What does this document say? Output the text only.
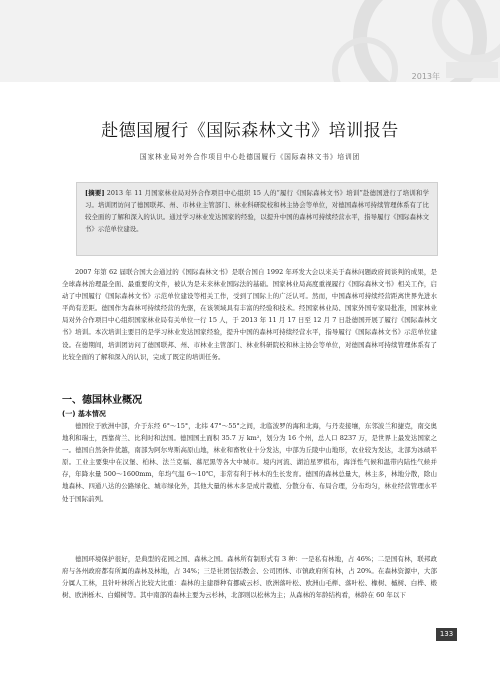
2013年
赴德国履行《国际森林文书》培训报告
国家林业局对外合作项目中心赴德国履行《国际森林文书》培训团
[摘要] 2013 年 11 月国家林业局对外合作项目中心组织 15 人的“履行《国际森林文书》培训”赴德国进行了培训和学习。培训团访问了德国联邦、州、市林业主管部门、林业科研院校和林主协会等单位，对德国森林可持续管理体系有了比较全面的了解和深入的认识。通过学习林业发达国家的经验，以提升中国的森林可持续经营水平，指导履行《国际森林文书》示范单位建设。

2007 年第 62 届联合国大会通过的《国际森林文书》是联合国自 1992 年环发大会以来关于森林问题政府间谈判的成果，是全球森林治理最全面、最重要的文件，被认为是未来林业国际法的基础。国家林业局高度重视履行《国际森林文书》相关工作，启动了中国履行《国际森林文书》示范单位建设等相关工作，受到了国际上的广泛认可。然而，中国森林可持续经营距离世界先进水平尚有差距。德国作为森林可持续经营的先驱，在该领域具有丰富的经验和技术。经国家林业局、国家外国专家局批准，国家林业局对外合作项目中心组织国家林业局有关单位一行 15 人，于 2013 年 11 月 17 日至 12 月 7 日赴德国开展了履行《国际森林文书》培训。本次培训主要目的是学习林业发达国家经验，提升中国的森林可持续经营水平，指导履行《国际森林文书》示范单位建设。在德期间，培训团访问了德国联邦、州、市林业主管部门、林业科研院校和林主协会等单位，对德国森林可持续管理体系有了比较全面的了解和深入的认识，完成了既定的培训任务。

一、德国林业概况
(一) 基本情况

德国位于欧洲中部，介于东经 6°～15°，北纬 47°～55°之间，北临波罗的海和北海，与丹麦接壤，东邻波兰和捷克，南交奥地利和瑞士，西靠荷兰、比利时和法国。德国国土面积 35.7 万 km²，划分为 16 个州，总人口 8237 万，是世界上最发达国家之一。德国自然条件优越，南部为阿尔卑斯高原山地，林业和畜牧业十分发达，中部为丘陵中山地形，农业较为发达，北部为冰碛平原。工业主要集中在汉堡、柏林、法兰克福、慕尼黑等各大中城市。境内河流、湖泊星罗棋布，海洋性气候和温带内陆性气候并存，年降水量 500～1600mm，年均气温 6～10℃，非常有利于林木的生长发育。德国的森林总量大，林主多，林地分散，除山地森林、四通八达的公路绿化、城市绿化外，其他大量的林木多是成片栽植、分散分布、布局合理，分布均匀，林业经营管理水平处于国际前列。

德国环境保护很好，是典型的花园之国、森林之国。森林所有制形式有 3 种：一是私有林地，占 46%；二是国有林，联邦政府与各州政府都有所属的森林及林地，占 34%；三是社团包括教会、公司团体、市镇政府所有林，占 20%。在森林资源中，大部分属人工林，且针叶林所占比较大比重：森林的主建群种有挪威云杉、欧洲落叶松、欧洲山毛榉、落叶松、橡树、槭树、白桦、椴树、欧洲栎木、白蜡树等。其中南部的森林主要为云杉林，北部则以松林为主；从森林的年龄结构看，林龄在 60 年以下

133
